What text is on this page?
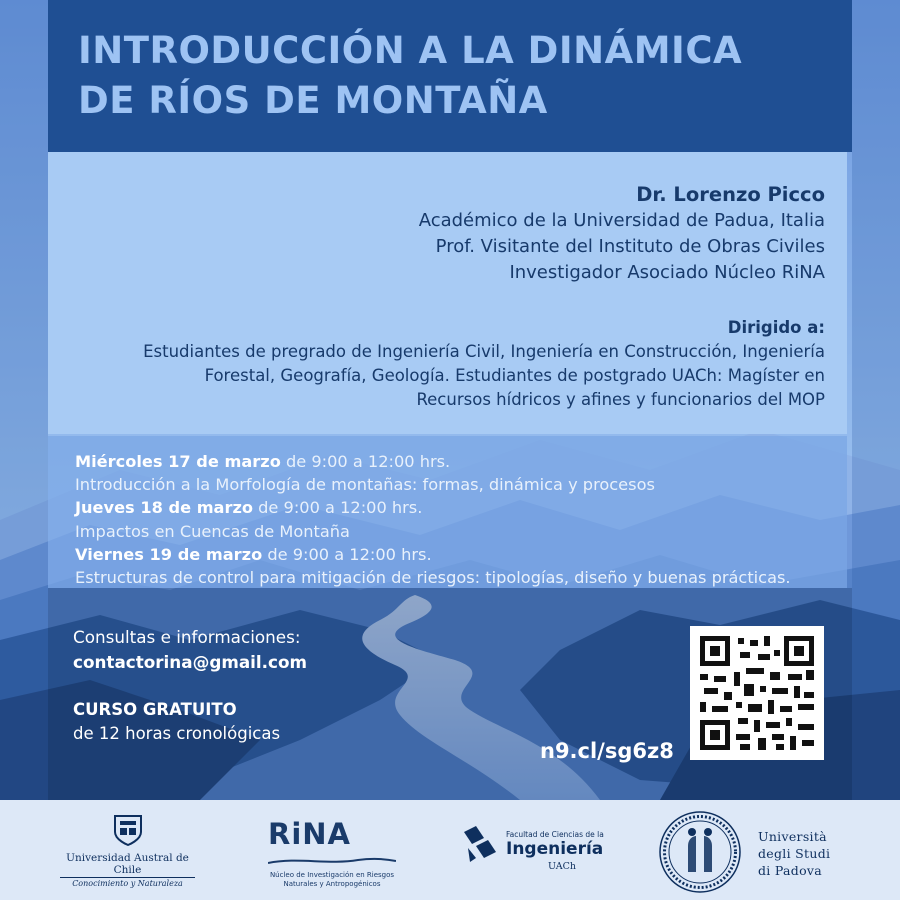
INTRODUCCIÓN A LA DINÁMICA
DE RÍOS DE MONTAÑA
Dr. Lorenzo Picco
Académico de la Universidad de Padua, Italia
Prof. Visitante del Instituto de Obras Civiles
Investigador Asociado Núcleo RiNA
Dirigido a:
Estudiantes de pregrado de Ingeniería Civil, Ingeniería en Construcción, Ingeniería
Forestal, Geografía, Geología. Estudiantes de postgrado UACh: Magíster en
Recursos hídricos y afines y funcionarios del MOP
Miércoles 17 de marzo de 9:00 a 12:00 hrs.
Introducción a la Morfología de montañas: formas, dinámica y procesos
Jueves 18 de marzo de 9:00 a 12:00 hrs.
Impactos en Cuencas de Montaña
Viernes 19 de marzo de 9:00 a 12:00 hrs.
Estructuras de control para mitigación de riesgos: tipologías, diseño y buenas prácticas.
Consultas e informaciones:
contactorina@gmail.com
CURSO GRATUITO
de 12 horas cronológicas
n9.cl/sg6z8
Universidad Austral de Chile
Conocimiento y Naturaleza
RiNA
Núcleo de Investigación en Riesgos
Naturales y Antropogénicos
Facultad de Ciencias de la
Ingeniería
UACh
Università
degli Studi
di Padova
